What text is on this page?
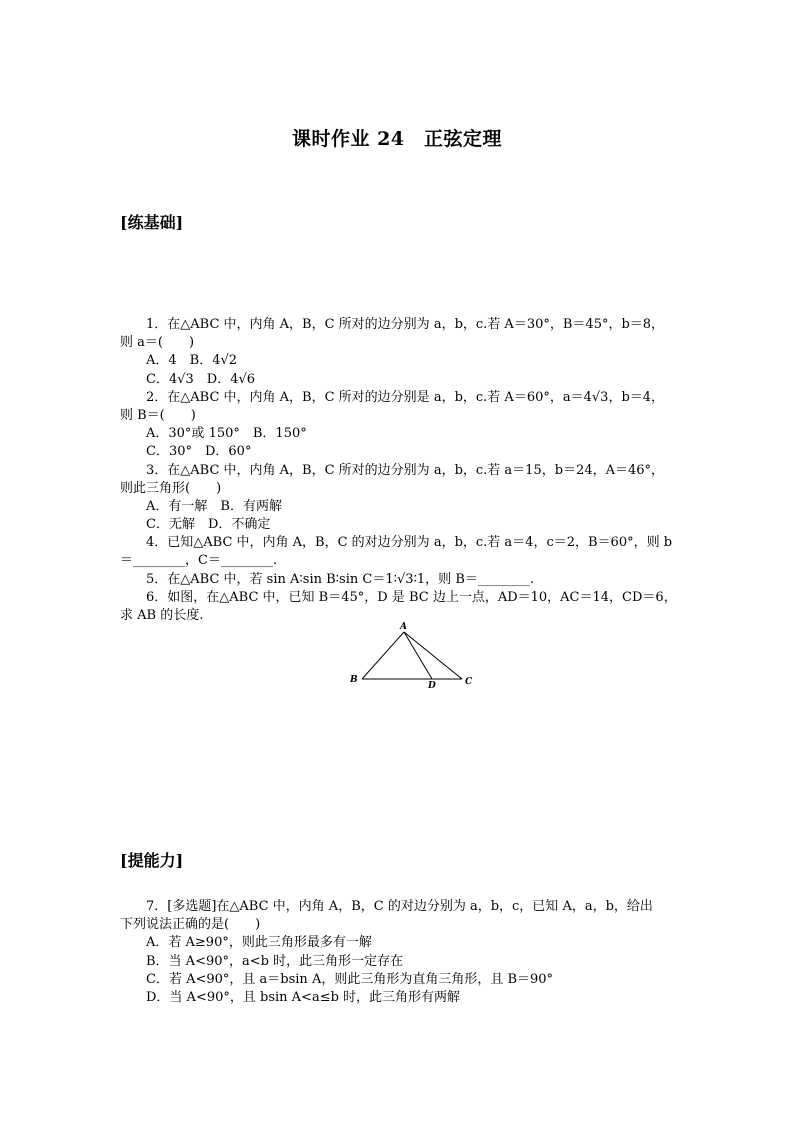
课时作业 24　正弦定理
[练基础]
1．在△ABC 中，内角 A，B，C 所对的边分别为 a，b，c.若 A＝30°，B＝45°，b＝8，
则 a＝(　　)
A．4　B．4√2
C．4√3　D．4√6
2．在△ABC 中，内角 A，B，C 所对的边分别是 a，b，c.若 A＝60°，a＝4√3，b＝4，
则 B＝(　　)
A．30°或 150°　B．150°
C．30°　D．60°
3．在△ABC 中，内角 A，B，C 所对的边分别为 a，b，c.若 a＝15，b＝24，A＝46°，
则此三角形(　　)
A．有一解　B．有两解
C．无解　D．不确定
4．已知△ABC 中，内角 A，B，C 的对边分别为 a，b，c.若 a＝4，c＝2，B＝60°，则 b
＝________，C＝________.
5．在△ABC 中，若 sin A∶sin B∶sin C＝1∶√3∶1，则 B＝________.
6．如图，在△ABC 中，已知 B＝45°，D 是 BC 边上一点，AD＝10，AC＝14，CD＝6，
求 AB 的长度.
A
B	C
D
[提能力]
7．[多选题]在△ABC 中，内角 A，B，C 的对边分别为 a，b，c，已知 A，a，b，给出
下列说法正确的是(　　)
A．若 A≥90°，则此三角形最多有一解
B．当 A<90°，a<b 时，此三角形一定存在
C．若 A<90°，且 a＝bsin A，则此三角形为直角三角形，且 B＝90°
D．当 A<90°，且 bsin A<a≤b 时，此三角形有两解
